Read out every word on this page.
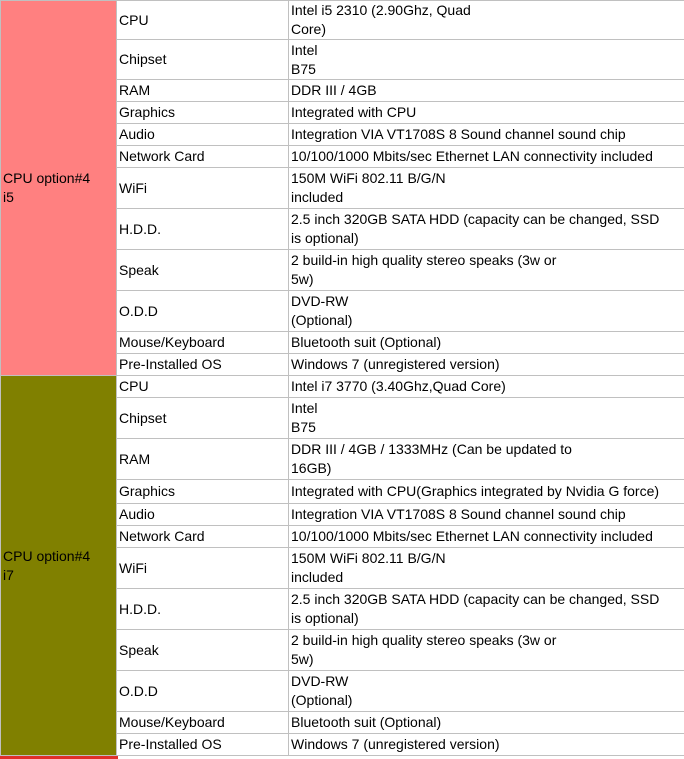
CPU option#4
i5	CPU	Intel i5 2310 (2.90Ghz, Quad
Core)
	Chipset	Intel
B75
	RAM	DDR III / 4GB
	Graphics	Integrated with CPU
	Audio	Integration VIA VT1708S 8 Sound channel sound chip
	Network Card	10/100/1000 Mbits/sec Ethernet LAN connectivity included
	WiFi	150M WiFi 802.11 B/G/N
included
	H.D.D.	2.5 inch 320GB SATA HDD (capacity can be changed, SSD
is optional)
	Speak	2 build-in high quality stereo speaks (3w or
5w)
	O.D.D	DVD-RW
(Optional)
	Mouse/Keyboard	Bluetooth suit (Optional)
	Pre-Installed OS	Windows 7 (unregistered version)
CPU option#4
i7	CPU	Intel i7 3770 (3.40Ghz,Quad Core)
	Chipset	Intel
B75
	RAM	DDR III / 4GB / 1333MHz (Can be updated to
16GB)
	Graphics	Integrated with CPU(Graphics integrated by Nvidia G force)
	Audio	Integration VIA VT1708S 8 Sound channel sound chip
	Network Card	10/100/1000 Mbits/sec Ethernet LAN connectivity included
	WiFi	150M WiFi 802.11 B/G/N
included
	H.D.D.	2.5 inch 320GB SATA HDD (capacity can be changed, SSD
is optional)
	Speak	2 build-in high quality stereo speaks (3w or
5w)
	O.D.D	DVD-RW
(Optional)
	Mouse/Keyboard	Bluetooth suit (Optional)
	Pre-Installed OS	Windows 7 (unregistered version)
